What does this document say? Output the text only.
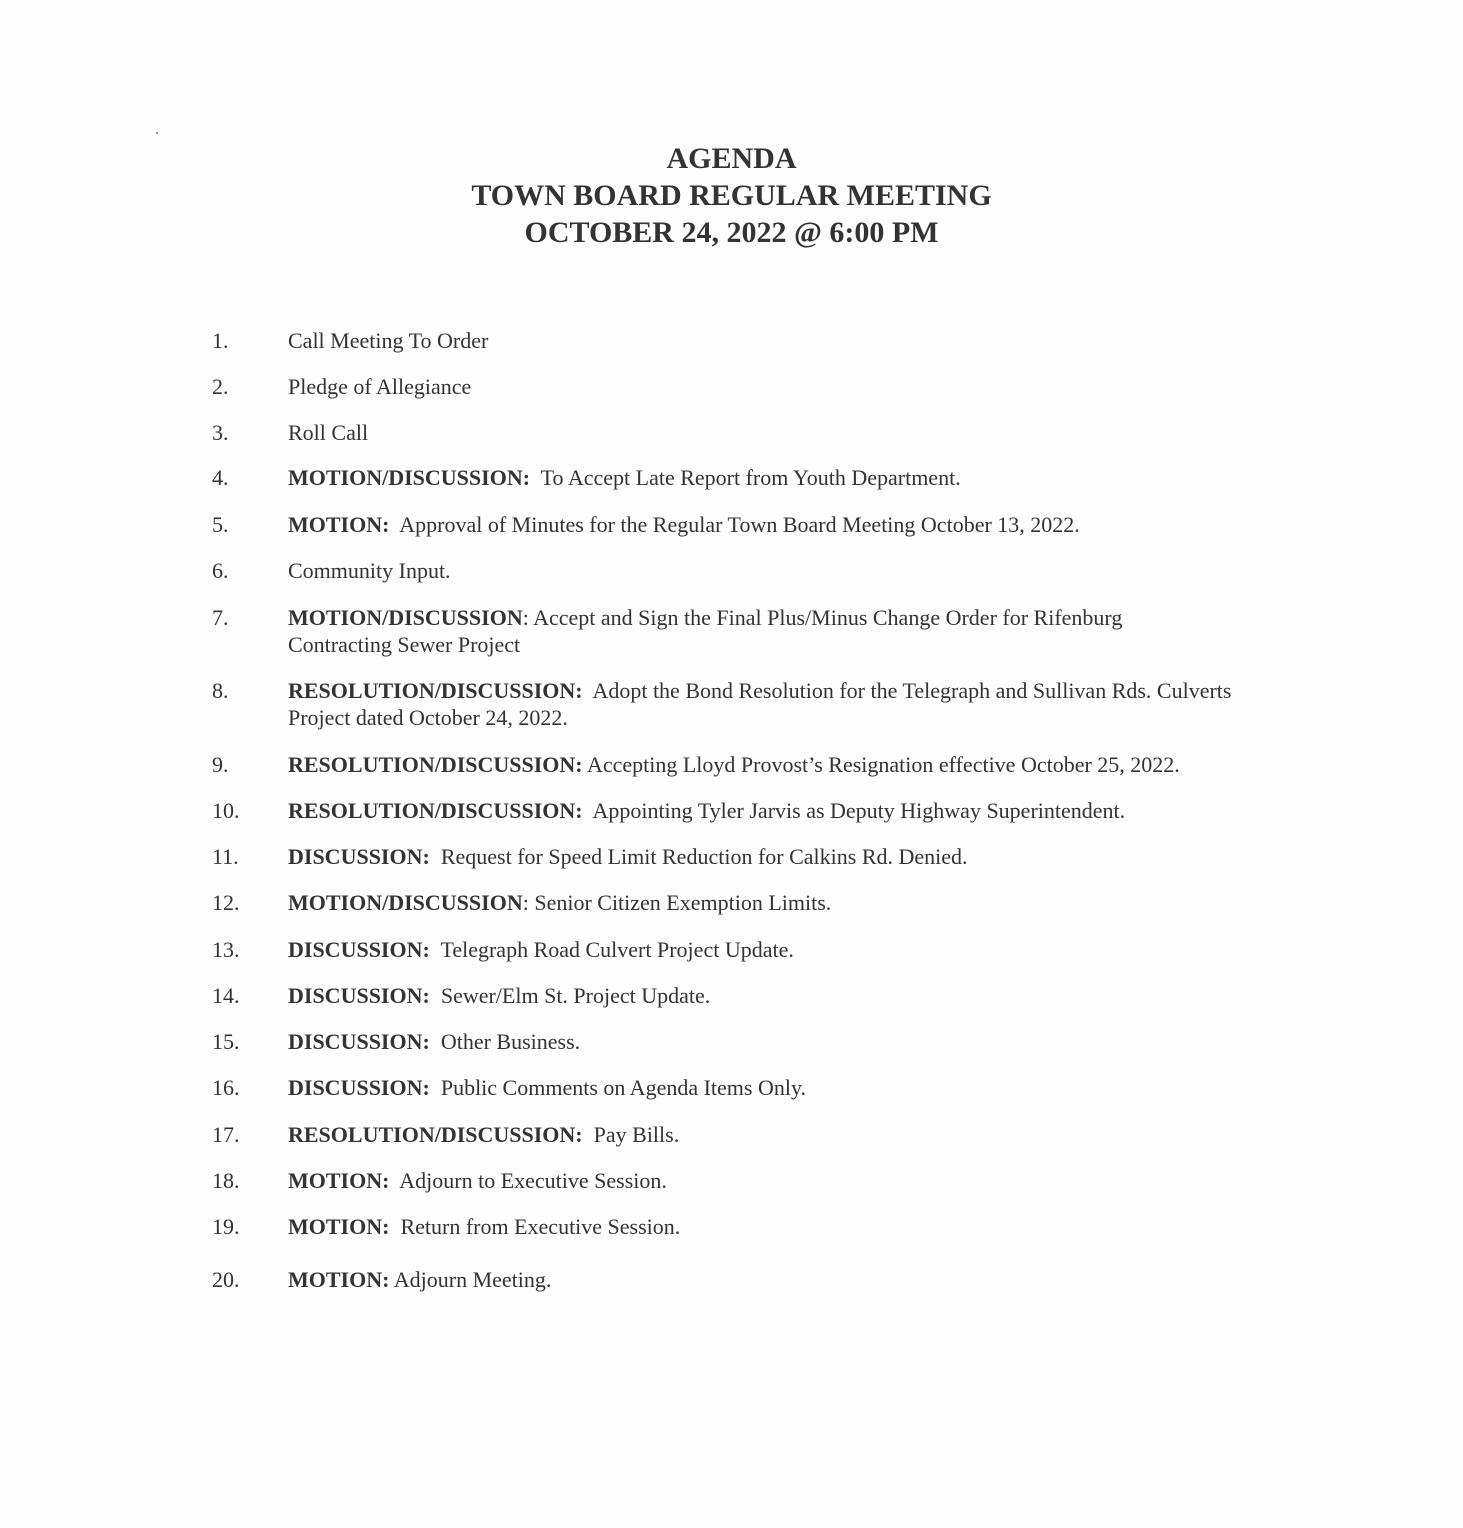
AGENDA
TOWN BOARD REGULAR MEETING
OCTOBER 24, 2022 @ 6:00 PM
1.	Call Meeting To Order
2.	Pledge of Allegiance
3.	Roll Call
4.	MOTION/DISCUSSION: To Accept Late Report from Youth Department.
5.	MOTION: Approval of Minutes for the Regular Town Board Meeting October 13, 2022.
6.	Community Input.
7.	MOTION/DISCUSSION: Accept and Sign the Final Plus/Minus Change Order for Rifenburg Contracting Sewer Project
8.	RESOLUTION/DISCUSSION: Adopt the Bond Resolution for the Telegraph and Sullivan Rds. Culverts Project dated October 24, 2022.
9.	RESOLUTION/DISCUSSION: Accepting Lloyd Provost’s Resignation effective October 25, 2022.
10.	RESOLUTION/DISCUSSION: Appointing Tyler Jarvis as Deputy Highway Superintendent.
11.	DISCUSSION: Request for Speed Limit Reduction for Calkins Rd. Denied.
12.	MOTION/DISCUSSION: Senior Citizen Exemption Limits.
13.	DISCUSSION: Telegraph Road Culvert Project Update.
14.	DISCUSSION: Sewer/Elm St. Project Update.
15.	DISCUSSION: Other Business.
16.	DISCUSSION: Public Comments on Agenda Items Only.
17.	RESOLUTION/DISCUSSION: Pay Bills.
18.	MOTION: Adjourn to Executive Session.
19.	MOTION: Return from Executive Session.
20.	MOTION: Adjourn Meeting.
